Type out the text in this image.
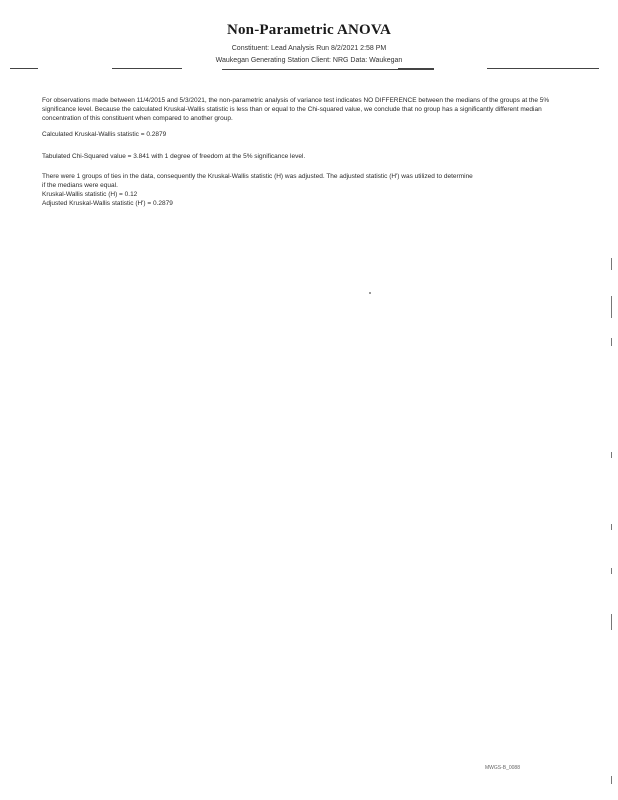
Non-Parametric ANOVA
Constituent: Lead Analysis Run 8/2/2021 2:58 PM
Waukegan Generating Station Client: NRG Data: Waukegan

For observations made between 11/4/2015 and 5/3/2021, the non-parametric analysis of variance test indicates NO DIFFERENCE between the medians of the groups at the 5% significance level. Because the calculated Kruskal-Wallis statistic is less than or equal to the Chi-squared value, we conclude that no group has a significantly different median concentration of this constituent when compared to another group.

Calculated Kruskal-Wallis statistic = 0.2879

Tabulated Chi-Squared value = 3.841 with 1 degree of freedom at the 5% significance level.

There were 1 groups of ties in the data, consequently the Kruskal-Wallis statistic (H) was adjusted. The adjusted statistic (H') was utilized to determine
if the medians were equal.
Kruskal-Wallis statistic (H) = 0.12
Adjusted Kruskal-Wallis statistic (H') = 0.2879
MWGS-B_0088
